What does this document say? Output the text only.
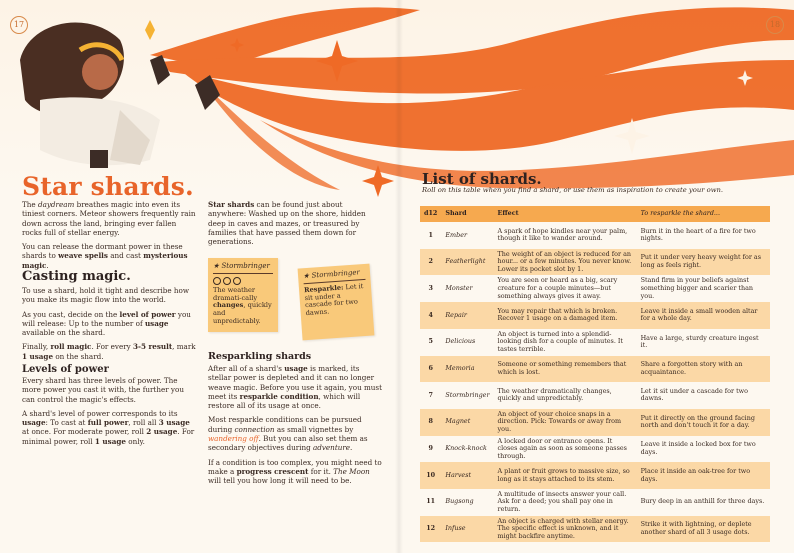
17	18
Star shards.

The daydream breathes magic into even its tiniest corners. Meteor showers frequently rain down across the land, bringing ever fallen rocks full of stellar energy.

You can release the dormant power in these shards to weave spells and cast mysterious magic.

Casting magic.

To use a shard, hold it tight and describe how you make its magic flow into the world.

As you cast, decide on the level of power you will release: Up to the number of usage available on the shard.

Finally, roll magic. For every 3-5 result, mark 1 usage on the shard.

Levels of power

Every shard has three levels of power. The more power you cast it with, the further you can control the magic's effects.

A shard's level of power corresponds to its usage: To cast at full power, roll all 3 usage at once. For moderate power, roll 2 usage. For minimal power, roll 1 usage only.

Star shards can be found just about anywhere: Washed up on the shore, hidden deep in caves and mazes, or treasured by families that have passed them down for generations.

★ Stormbringer
The weather dramati-cally changes, quickly and unpredictably.
★ Stormbringer
Resparkle: Let it sit under a cascade for two dawns.
Resparkling shards

After all of a shard's usage is marked, its stellar power is depleted and it can no longer weave magic. Before you use it again, you must meet its resparkle condition, which will restore all of its usage at once.

Most resparkle conditions can be pursued during connection as small vignettes by wandering off. But you can also set them as secondary objectives during adventure.

If a condition is too complex, you might need to make a progress crescent for it. The Moon will tell you how long it will need to be.

List of shards.
Roll on this table when you find a shard, or use them as inspiration to create your own.
d12	Shard	Effect	To resparkle the shard...
1	Ember	A spark of hope kindles near your palm, though it like to wander around.	Burn it in the heart of a fire for two nights.
2	Featherlight	The weight of an object is reduced for an hour... or a few minutes. You never know. Lower its pocket slot by 1.	Put it under very heavy weight for as long as feels right.
3	Monster	You are seen or heard as a big, scary creature for a couple minutes—but something always gives it away.	Stand firm in your beliefs against something bigger and scarier than you.
4	Repair	You may repair that which is broken. Recover 1 usage on a damaged item.	Leave it inside a small wooden altar for a whole day.
5	Delicious	An object is turned into a splendid-looking dish for a couple of minutes. It tastes terrible.	Have a large, sturdy creature ingest it.
6	Memoria	Someone or something remembers that which is lost.	Share a forgotten story with an acquaintance.
7	Stormbringer	The weather dramatically changes, quickly and unpredictably.	Let it sit under a cascade for two dawns.
8	Magnet	An object of your choice snaps in a direction. Pick: Towards or away from you.	Put it directly on the ground facing north and don't touch it for a day.
9	Knock-knock	A locked door or entrance opens. It closes again as soon as someone passes through.	Leave it inside a locked box for two days.
10	Harvest	A plant or fruit grows to massive size, so long as it stays attached to its stem.	Place it inside an oak-tree for two days.
11	Bugsong	A multitude of insects answer your call. Ask for a deed; you shall pay one in return.	Bury deep in an anthill for three days.
12	Infuse	An object is charged with stellar energy. The specific effect is unknown, and it might backfire anytime.	Strike it with lightning, or deplete another shard of all 3 usage dots.
